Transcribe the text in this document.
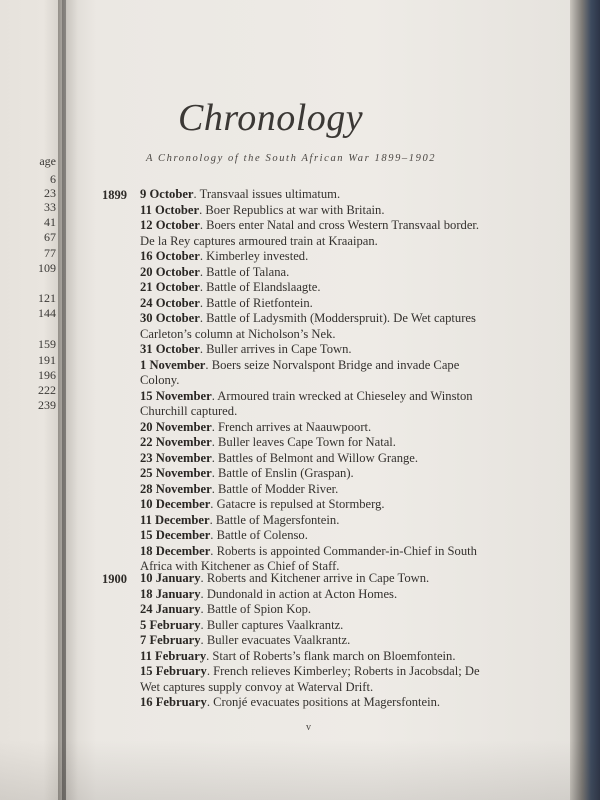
age
6
23
33
41
67
77
109
121
144
159
191
196
222
239
Chronology
A Chronology of the South African War 1899–1902
1899 9 October. Transvaal issues ultimatum.
11 October. Boer Republics at war with Britain.
12 October. Boers enter Natal and cross Western Transvaal border.
De la Rey captures armoured train at Kraaipan.
16 October. Kimberley invested.
20 October. Battle of Talana.
21 October. Battle of Elandslaagte.
24 October. Battle of Rietfontein.
30 October. Battle of Ladysmith (Modderspruit). De Wet captures
Carleton’s column at Nicholson’s Nek.
31 October. Buller arrives in Cape Town.
1 November. Boers seize Norvalspont Bridge and invade Cape
Colony.
15 November. Armoured train wrecked at Chieseley and Winston
Churchill captured.
20 November. French arrives at Naauwpoort.
22 November. Buller leaves Cape Town for Natal.
23 November. Battles of Belmont and Willow Grange.
25 November. Battle of Enslin (Graspan).
28 November. Battle of Modder River.
10 December. Gatacre is repulsed at Stormberg.
11 December. Battle of Magersfontein.
15 December. Battle of Colenso.
18 December. Roberts is appointed Commander-in-Chief in South
Africa with Kitchener as Chief of Staff.
1900 10 January. Roberts and Kitchener arrive in Cape Town.
18 January. Dundonald in action at Acton Homes.
24 January. Battle of Spion Kop.
5 February. Buller captures Vaalkrantz.
7 February. Buller evacuates Vaalkrantz.
11 February. Start of Roberts’s flank march on Bloemfontein.
15 February. French relieves Kimberley; Roberts in Jacobsdal; De
Wet captures supply convoy at Waterval Drift.
16 February. Cronjé evacuates positions at Magersfontein.
v
